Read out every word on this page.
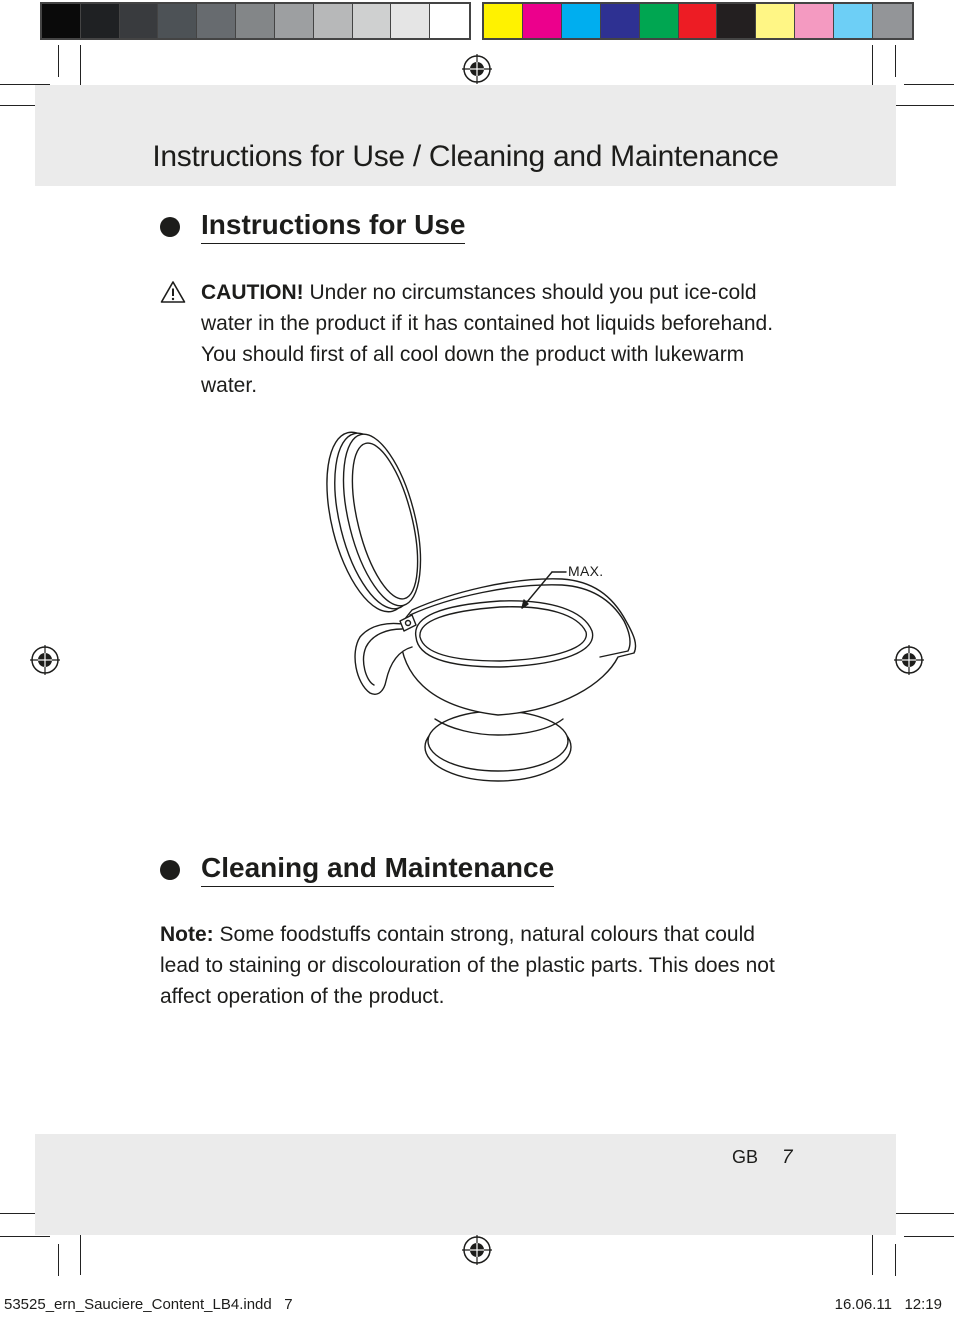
Instructions for Use / Cleaning and Maintenance
Instructions for Use

CAUTION! Under no circumstances should you put ice-cold water in the product if it has contained hot liquids beforehand. You should first of all cool down the product with lukewarm water.

MAX.
Cleaning and Maintenance

Note: Some foodstuffs contain strong, natural colours that could lead to staining or discolouration of the plastic parts. This does not affect operation of the product.

GB 7
53525_ern_Sauciere_Content_LB4.indd   7	16.06.11   12:19
